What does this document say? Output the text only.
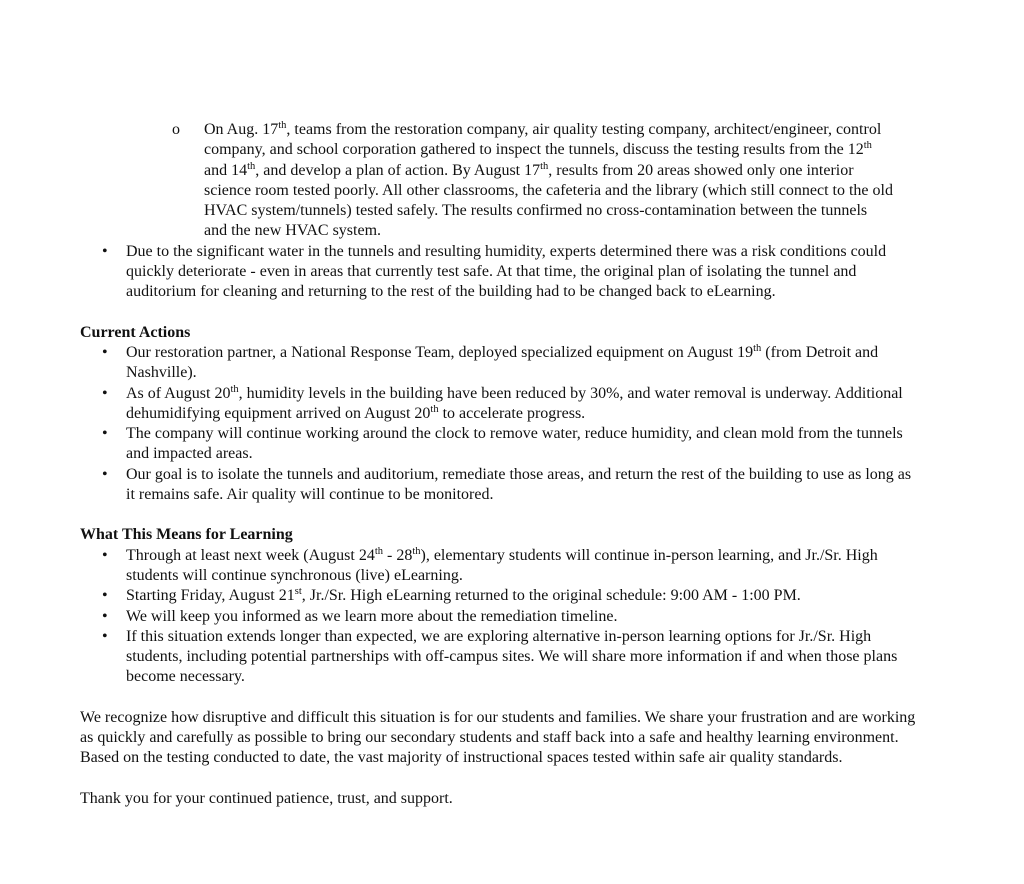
o On Aug. 17th, teams from the restoration company, air quality testing company, architect/engineer, control company, and school corporation gathered to inspect the tunnels, discuss the testing results from the 12th and 14th, and develop a plan of action. By August 17th, results from 20 areas showed only one interior science room tested poorly. All other classrooms, the cafeteria and the library (which still connect to the old HVAC system/tunnels) tested safely. The results confirmed no cross-contamination between the tunnels and the new HVAC system.
• Due to the significant water in the tunnels and resulting humidity, experts determined there was a risk conditions could quickly deteriorate - even in areas that currently test safe. At that time, the original plan of isolating the tunnel and auditorium for cleaning and returning to the rest of the building had to be changed back to eLearning.

Current Actions

• Our restoration partner, a National Response Team, deployed specialized equipment on August 19th (from Detroit and Nashville).
• As of August 20th, humidity levels in the building have been reduced by 30%, and water removal is underway. Additional dehumidifying equipment arrived on August 20th to accelerate progress.
• The company will continue working around the clock to remove water, reduce humidity, and clean mold from the tunnels and impacted areas.
• Our goal is to isolate the tunnels and auditorium, remediate those areas, and return the rest of the building to use as long as it remains safe. Air quality will continue to be monitored.

What This Means for Learning

• Through at least next week (August 24th - 28th), elementary students will continue in-person learning, and Jr./Sr. High students will continue synchronous (live) eLearning.
• Starting Friday, August 21st, Jr./Sr. High eLearning returned to the original schedule: 9:00 AM - 1:00 PM.
• We will keep you informed as we learn more about the remediation timeline.
• If this situation extends longer than expected, we are exploring alternative in-person learning options for Jr./Sr. High students, including potential partnerships with off-campus sites. We will share more information if and when those plans become necessary.

We recognize how disruptive and difficult this situation is for our students and families. We share your frustration and are working as quickly and carefully as possible to bring our secondary students and staff back into a safe and healthy learning environment. Based on the testing conducted to date, the vast majority of instructional spaces tested within safe air quality standards.

Thank you for your continued patience, trust, and support.
